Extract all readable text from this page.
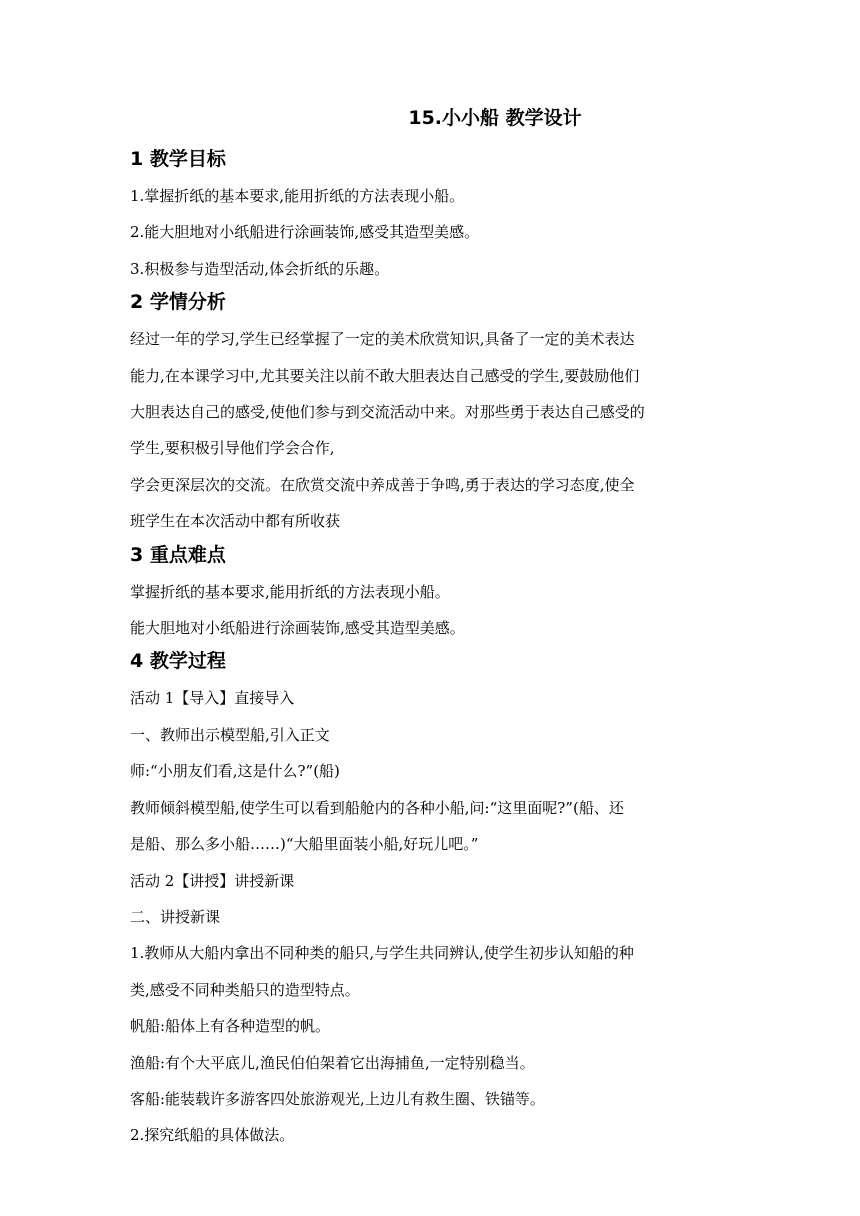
15.小小船 教学设计
1 教学目标
1.掌握折纸的基本要求,能用折纸的方法表现小船。
2.能大胆地对小纸船进行涂画装饰,感受其造型美感。
3.积极参与造型活动,体会折纸的乐趣。
2 学情分析
经过一年的学习,学生已经掌握了一定的美术欣赏知识,具备了一定的美术表达
能力,在本课学习中,尤其要关注以前不敢大胆表达自己感受的学生,要鼓励他们
大胆表达自己的感受,使他们参与到交流活动中来。对那些勇于表达自己感受的
学生,要积极引导他们学会合作,
学会更深层次的交流。在欣赏交流中养成善于争鸣,勇于表达的学习态度,使全
班学生在本次活动中都有所收获
3 重点难点
掌握折纸的基本要求,能用折纸的方法表现小船。
能大胆地对小纸船进行涂画装饰,感受其造型美感。
4 教学过程
活动 1【导入】直接导入
一、教师出示模型船,引入正文
师:“小朋友们看,这是什么?”(船)
教师倾斜模型船,使学生可以看到船舱内的各种小船,问:“这里面呢?”(船、还
是船、那么多小船……)“大船里面装小船,好玩儿吧。”
活动 2【讲授】讲授新课
二、讲授新课
1.教师从大船内拿出不同种类的船只,与学生共同辨认,使学生初步认知船的种
类,感受不同种类船只的造型特点。
帆船:船体上有各种造型的帆。
渔船:有个大平底儿,渔民伯伯架着它出海捕鱼,一定特别稳当。
客船:能装载许多游客四处旅游观光,上边儿有救生圈、铁锚等。
2.探究纸船的具体做法。
